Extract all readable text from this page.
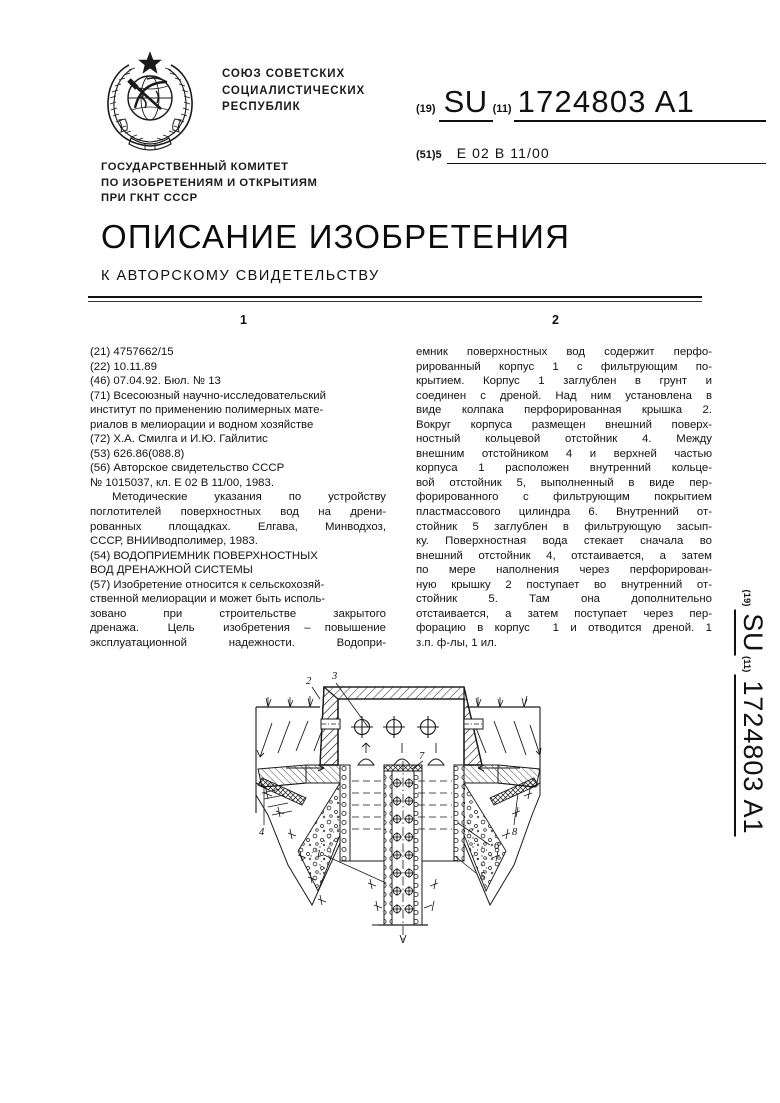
СОЮЗ СОВЕТСКИХ
СОЦИАЛИСТИЧЕСКИХ
РЕСПУБЛИК
ГОСУДАРСТВЕННЫЙ КОМИТЕТ
ПО ИЗОБРЕТЕНИЯМ И ОТКРЫТИЯМ
ПРИ ГКНТ СССР
(19) SU (11) 1724803 A1
(51)5	E 02 B 11/00
ОПИСАНИЕ ИЗОБРЕТЕНИЯ
К АВТОРСКОМУ СВИДЕТЕЛЬСТВУ
1	2
(21) 4757662/15
(22) 10.11.89
(46) 07.04.92. Бюл. № 13
(71) Всесоюзный научно-исследовательский
институт по применению полимерных мате-
риалов в мелиорации и водном хозяйстве
(72) Х.А. Смилга и И.Ю. Гайлитис
(53) 626.86(088.8)
(56) Авторское свидетельство СССР
№ 1015037, кл. Е 02 В 11/00, 1983.
Методические  указания  по  устройству
поглотителей поверхностных вод на дрени-
рованных  площадках.  Елгава,  Минводхоз,
СССР, ВНИИводполимер, 1983.
(54) ВОДОПРИЕМНИК ПОВЕРХНОСТНЫХ
ВОД ДРЕНАЖНОЙ СИСТЕМЫ
(57) Изобретение относится к сельскохозяй-
ственной мелиорации и может быть исполь-
зовано  при  строительстве  закрытого
дренажа.  Цель  изобретения – повышение
эксплуатационной  надежности.  Водопри-
емник поверхностных вод содержит перфо-
рированный  корпус  1  с  фильтрующим  по-
крытием.  Корпус  1  заглублен  в  грунт  и
соединен с дреной. Над ним установлена в
виде  колпака  перфорированная  крышка  2.
Вокруг корпуса размещен внешний поверх-
ностный  кольцевой  отстойник  4.  Между
внешним отстойником 4 и верхней частью
корпуса 1 расположен внутренний кольце-
вой отстойник 5, выполненный в виде пер-
форированного с фильтрующим покрытием
пластмассового цилиндра 6. Внутренний от-
стойник 5 заглублен в фильтрующую засып-
ку. Поверхностная вода стекает сначала во
внешний отстойник 4, отстаивается, а затем
по мере наполнения через перфорирован-
ную крышку 2 поступает во внутренний от-
стойник  5.  Там  она  дополнительно
отстаивается, а затем поступает через пер-
форацию в корпус  1 и отводится дреной. 1
з.п. ф-лы, 1 ил.
(19)
SU
(11)
1724803 A1
2 3
7
4	8
1
6
5
